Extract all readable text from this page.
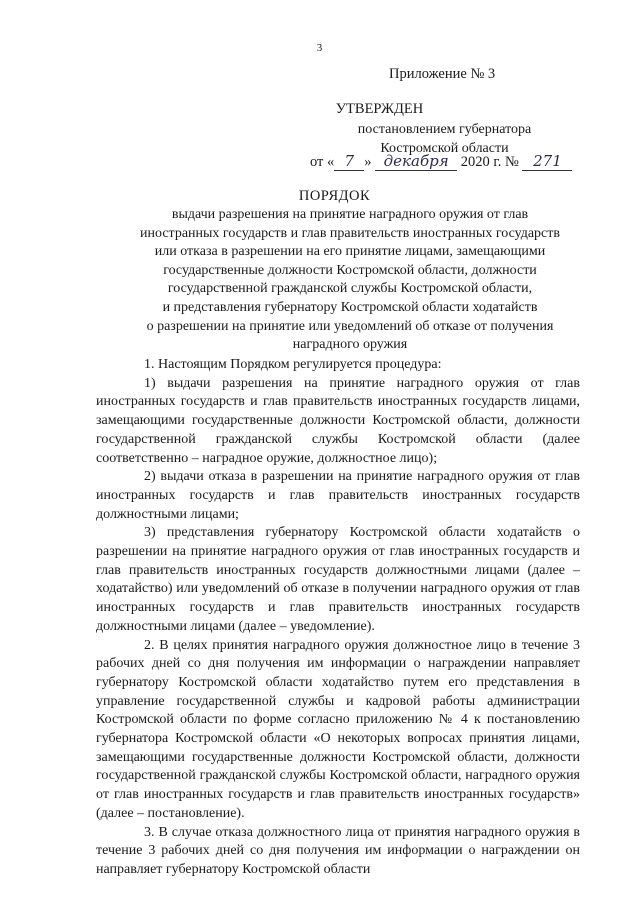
3
Приложение № 3
УТВЕРЖДЕН
постановлением губернатора
Костромской области
от « 7 » декабря 2020 г. № 271
ПОРЯДОК
выдачи разрешения на принятие наградного оружия от глав
иностранных государств и глав правительств иностранных государств
или отказа в разрешении на его принятие лицами, замещающими
государственные должности Костромской области, должности
государственной гражданской службы Костромской области,
и представления губернатору Костромской области ходатайств
о разрешении на принятие или уведомлений об отказе от получения
наградного оружия

1. Настоящим Порядком регулируется процедура:

1) выдачи разрешения на принятие наградного оружия от глав иностранных государств и глав правительств иностранных государств лицами, замещающими государственные должности Костромской области, должности государственной гражданской службы Костромской области (далее соответственно – наградное оружие, должностное лицо);

2) выдачи отказа в разрешении на принятие наградного оружия от глав иностранных государств и глав правительств иностранных государств должностными лицами;

3) представления губернатору Костромской области ходатайств о разрешении на принятие наградного оружия от глав иностранных государств и глав правительств иностранных государств должностными лицами (далее – ходатайство) или уведомлений об отказе в получении наградного оружия от глав иностранных государств и глав правительств иностранных государств должностными лицами (далее – уведомление).

2. В целях принятия наградного оружия должностное лицо в течение 3 рабочих дней со дня получения им информации о награждении направляет губернатору Костромской области ходатайство путем его представления в управление государственной службы и кадровой работы администрации Костромской области по форме согласно приложению № 4 к постановлению губернатора Костромской области «О некоторых вопросах принятия лицами, замещающими государственные должности Костромской области, должности государственной гражданской службы Костромской области, наградного оружия от глав иностранных государств и глав правительств иностранных государств» (далее – постановление).

3. В случае отказа должностного лица от принятия наградного оружия в течение 3 рабочих дней со дня получения им информации о награждении он направляет губернатору Костромской области
